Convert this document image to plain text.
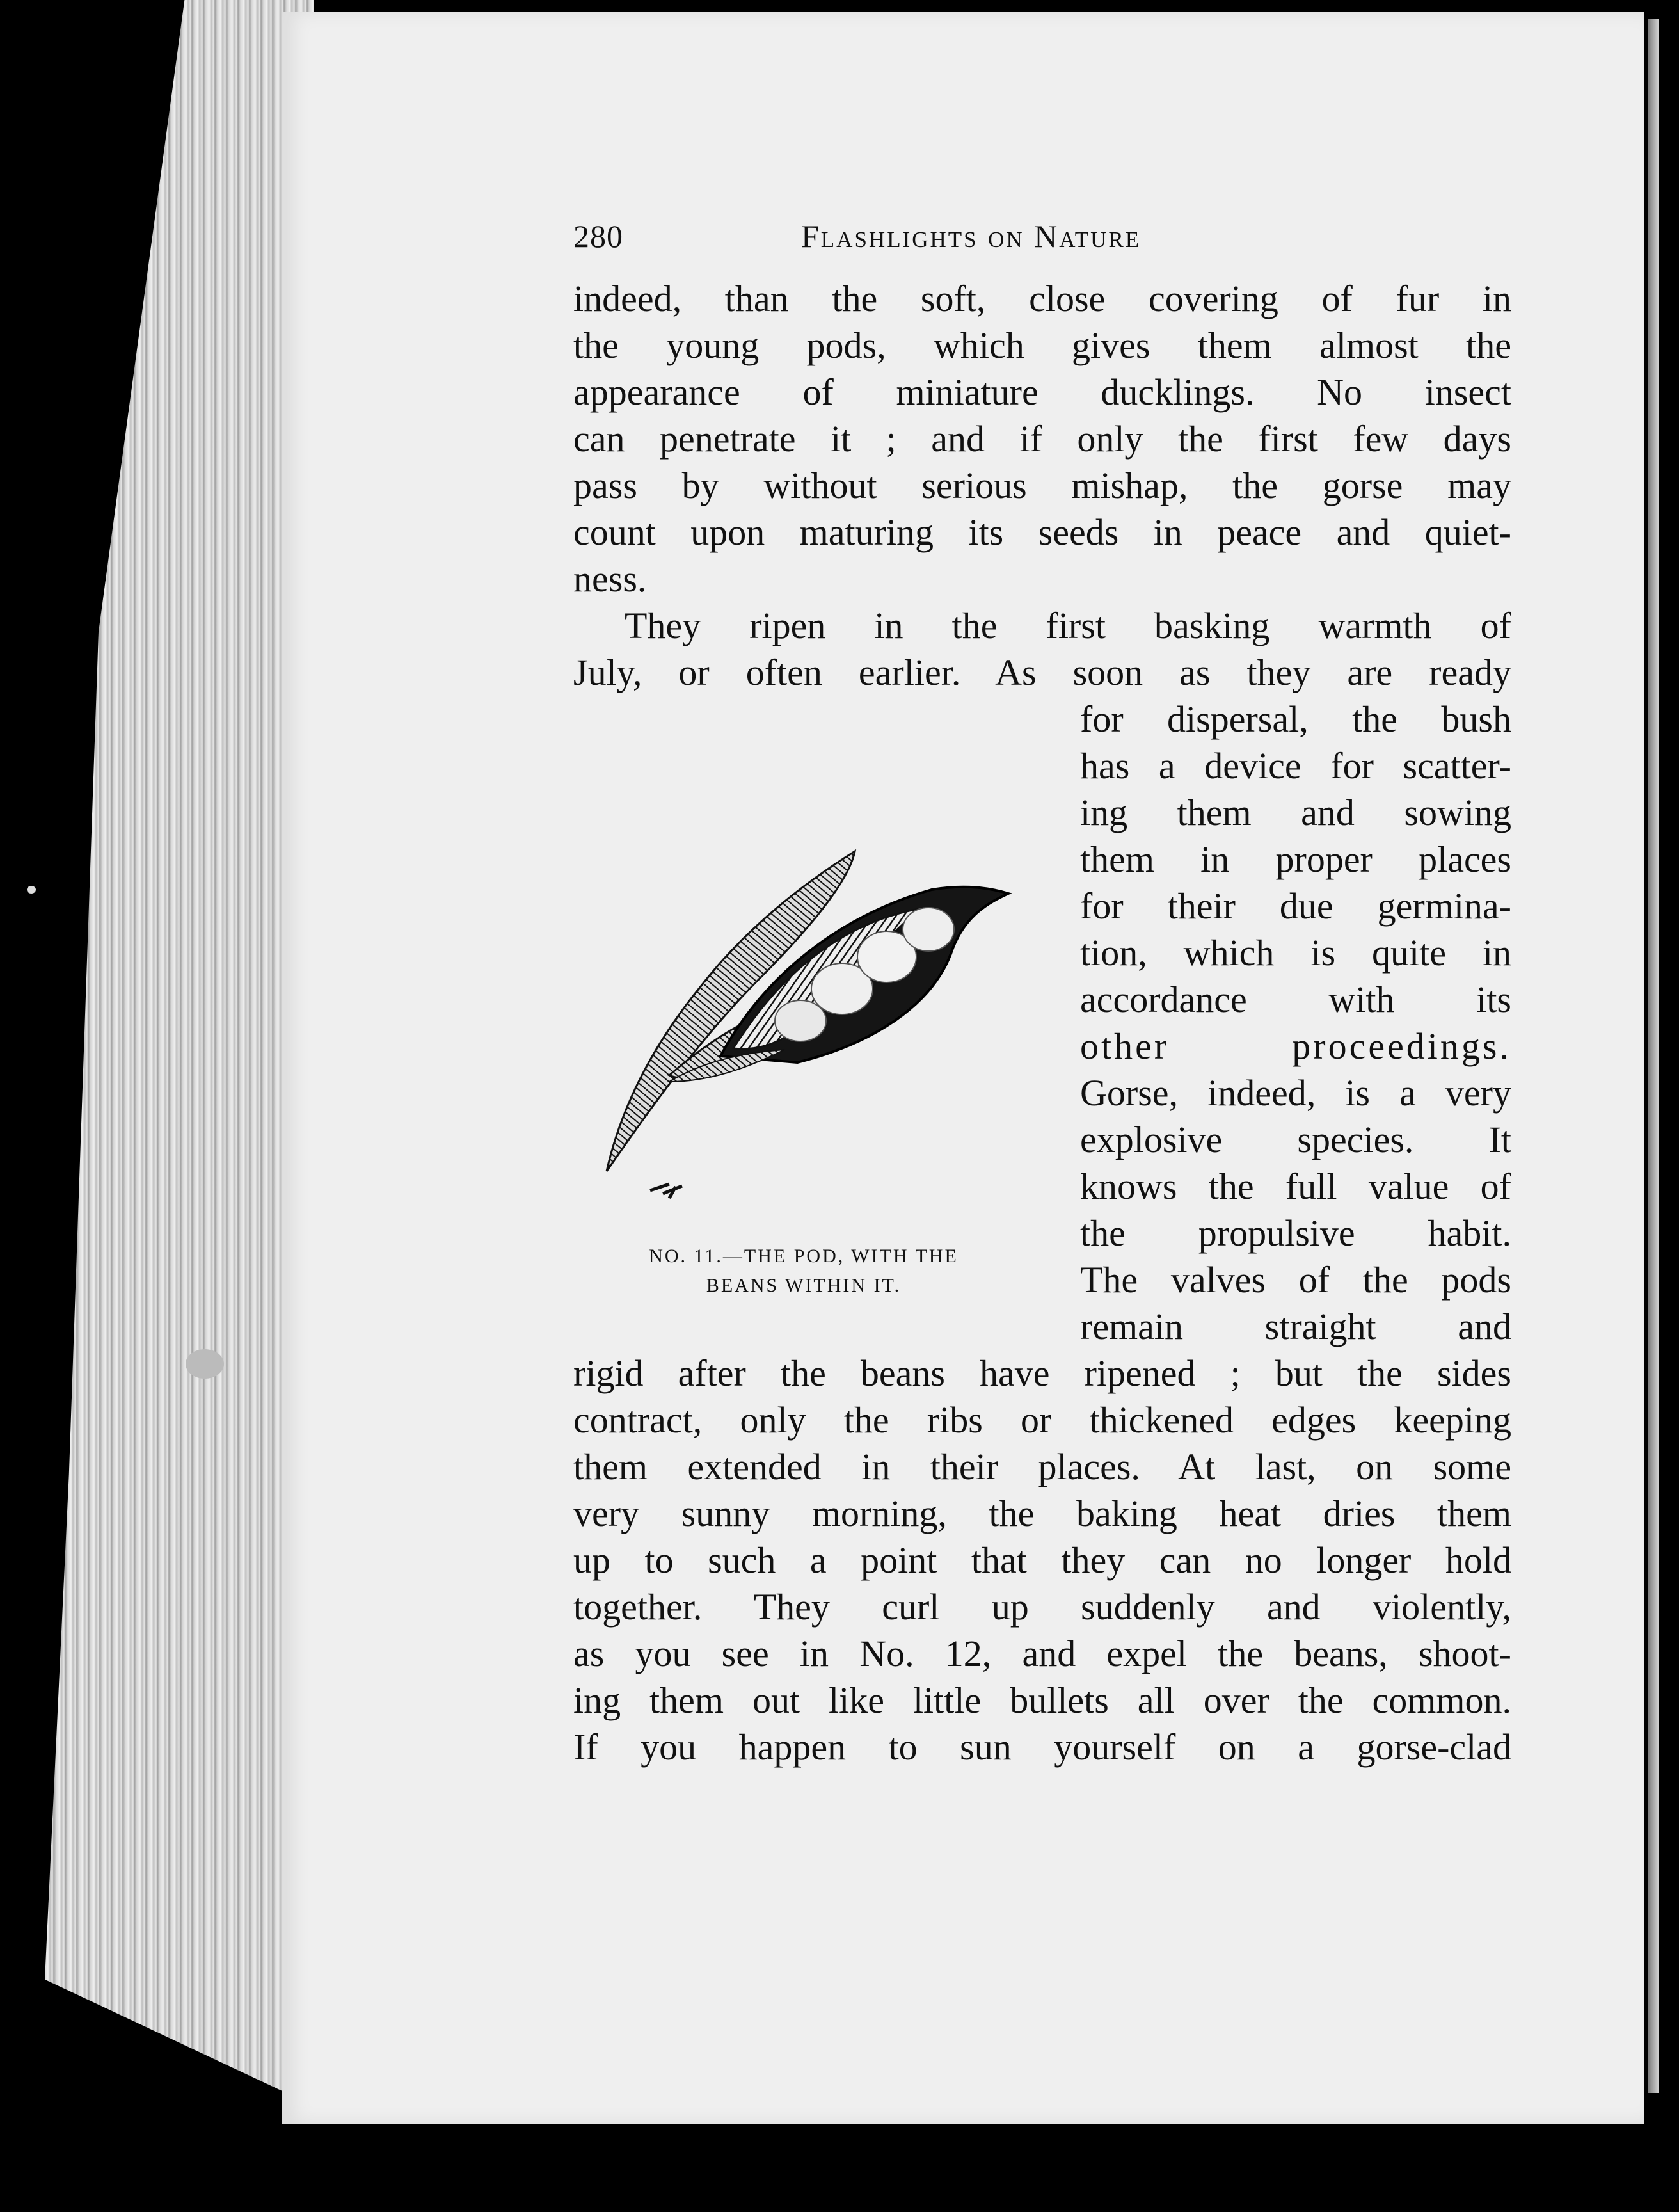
280	Flashlights on Nature
indeed, than the soft, close covering of fur in
the young pods, which gives them almost the
appearance of miniature ducklings. No insect
can penetrate it ; and if only the first few days
pass by without serious mishap, the gorse may
count upon maturing its seeds in peace and quiet-
ness.
They ripen in the first basking warmth of
July, or often earlier. As soon as they are ready
for dispersal, the bush
has a device for scatter-
ing them and sowing
them in proper places
for their due germina-
tion, which is quite in
accordance with its
other proceedings.
Gorse, indeed, is a very
explosive species. It
knows the full value of
the propulsive habit.
The valves of the pods
remain straight and
rigid after the beans have ripened ; but the sides
contract, only the ribs or thickened edges keeping
them extended in their places. At last, on some
very sunny morning, the baking heat dries them
up to such a point that they can no longer hold
together. They curl up suddenly and violently,
as you see in No. 12, and expel the beans, shoot-
ing them out like little bullets all over the common.
If you happen to sun yourself on a gorse-clad
NO. 11.—THE POD, WITH THE
BEANS WITHIN IT.
